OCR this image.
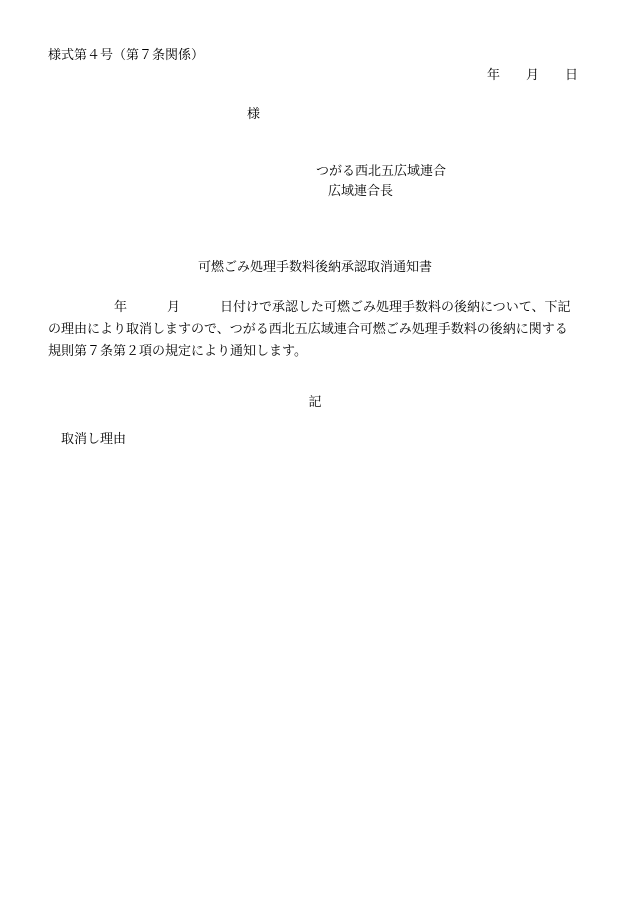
様式第４号（第７条関係）
年 月 日
様
つがる西北五広域連合
広域連合長
可燃ごみ処理手数料後納承認取消通知書
年	月	日付けで承認した可燃ごみ処理手数料の後納について、下記
の理由により取消しますので、つがる西北五広域連合可燃ごみ処理手数料の後納に関する
規則第７条第２項の規定により通知します。
記
取消し理由
